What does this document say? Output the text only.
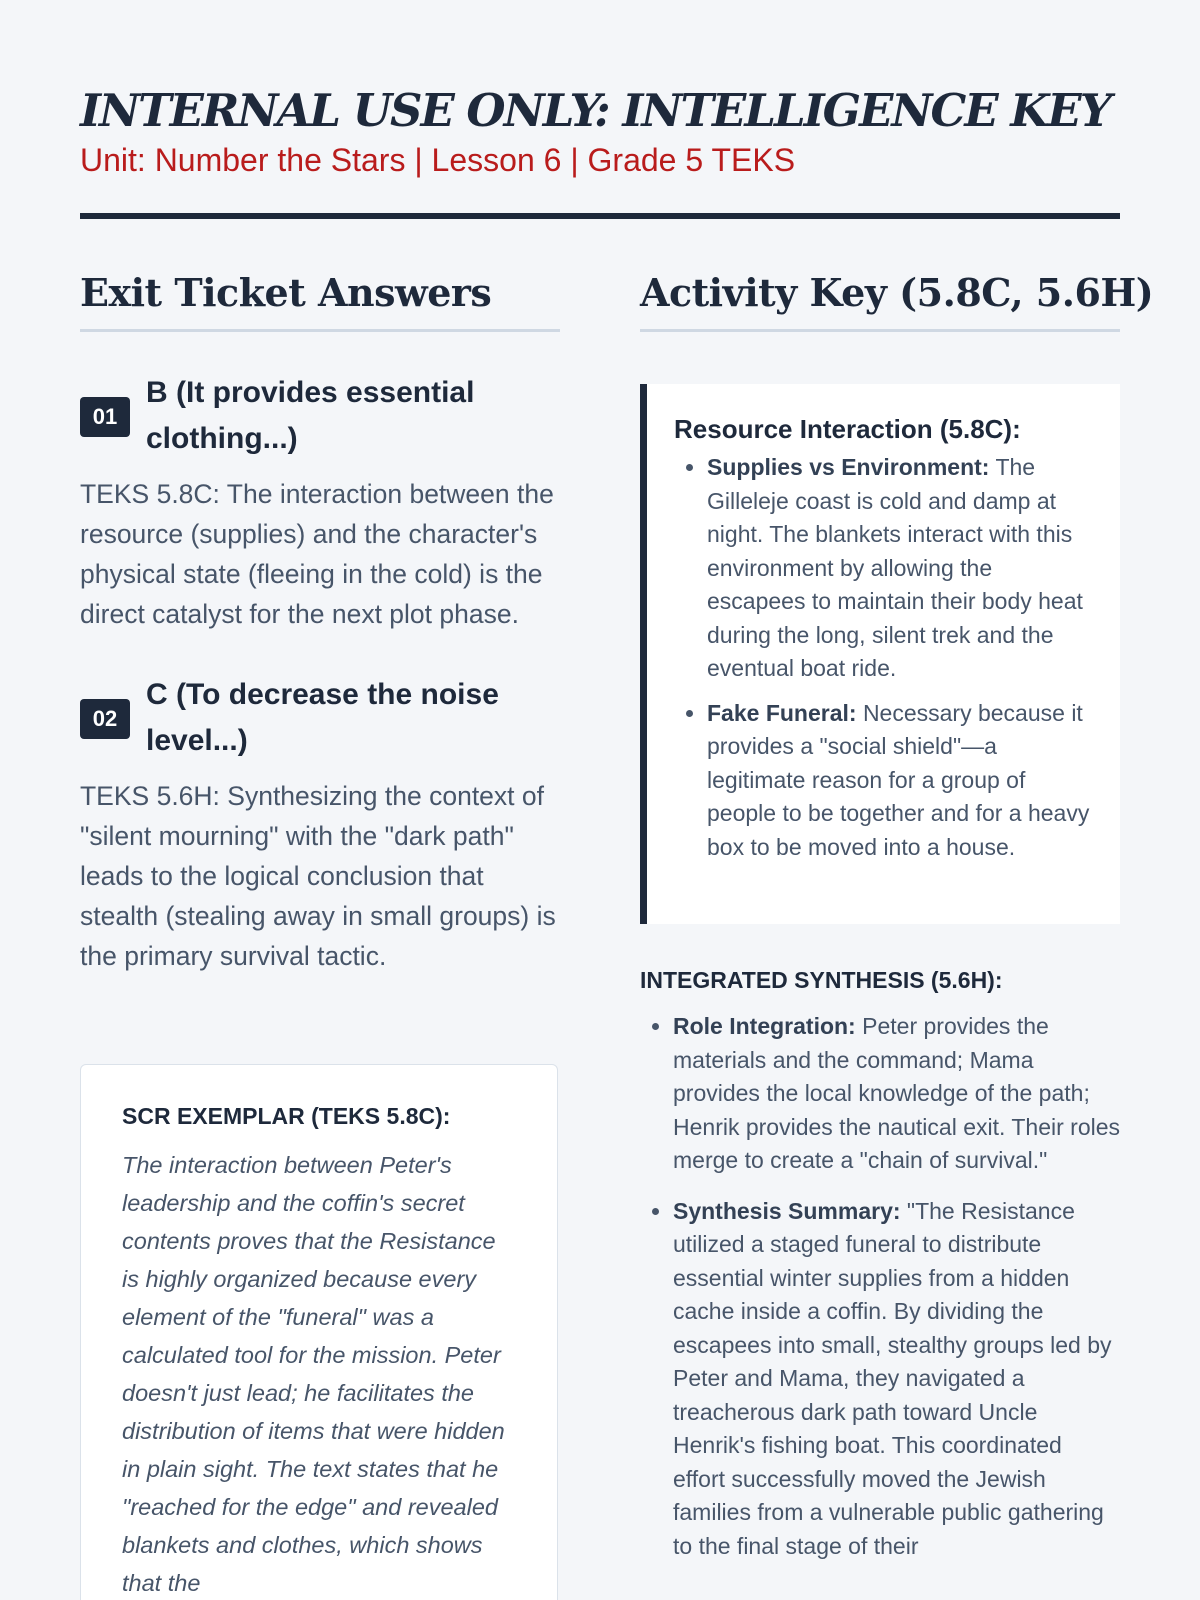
INTERNAL USE ONLY: INTELLIGENCE KEY
Unit: Number the Stars | Lesson 6 | Grade 5 TEKS
Exit Ticket Answers
01
B (It provides essential clothing...)

TEKS 5.8C: The interaction between the resource (supplies) and the character's physical state (fleeing in the cold) is the direct catalyst for the next plot phase.

02
C (To decrease the noise level...)

TEKS 5.6H: Synthesizing the context of "silent mourning" with the "dark path" leads to the logical conclusion that stealth (stealing away in small groups) is the primary survival tactic.

SCR EXEMPLAR (TEKS 5.8C):

The interaction between Peter's leadership and the coffin's secret contents proves that the Resistance is highly organized because every element of the "funeral" was a calculated tool for the mission. Peter doesn't just lead; he facilitates the distribution of items that were hidden in plain sight. The text states that he "reached for the edge" and revealed blankets and clothes, which shows that the

Activity Key (5.8C, 5.6H)
Resource Interaction (5.8C):
• Supplies vs Environment: The Gilleleje coast is cold and damp at night. The blankets interact with this environment by allowing the escapees to maintain their body heat during the long, silent trek and the eventual boat ride.
• Fake Funeral: Necessary because it provides a "social shield"—a legitimate reason for a group of people to be together and for a heavy box to be moved into a house.
INTEGRATED SYNTHESIS (5.6H):
• Role Integration: Peter provides the materials and the command; Mama provides the local knowledge of the path; Henrik provides the nautical exit. Their roles merge to create a "chain of survival."
• Synthesis Summary: "The Resistance utilized a staged funeral to distribute essential winter supplies from a hidden cache inside a coffin. By dividing the escapees into small, stealthy groups led by Peter and Mama, they navigated a treacherous dark path toward Uncle Henrik's fishing boat. This coordinated effort successfully moved the Jewish families from a vulnerable public gathering to the final stage of their
